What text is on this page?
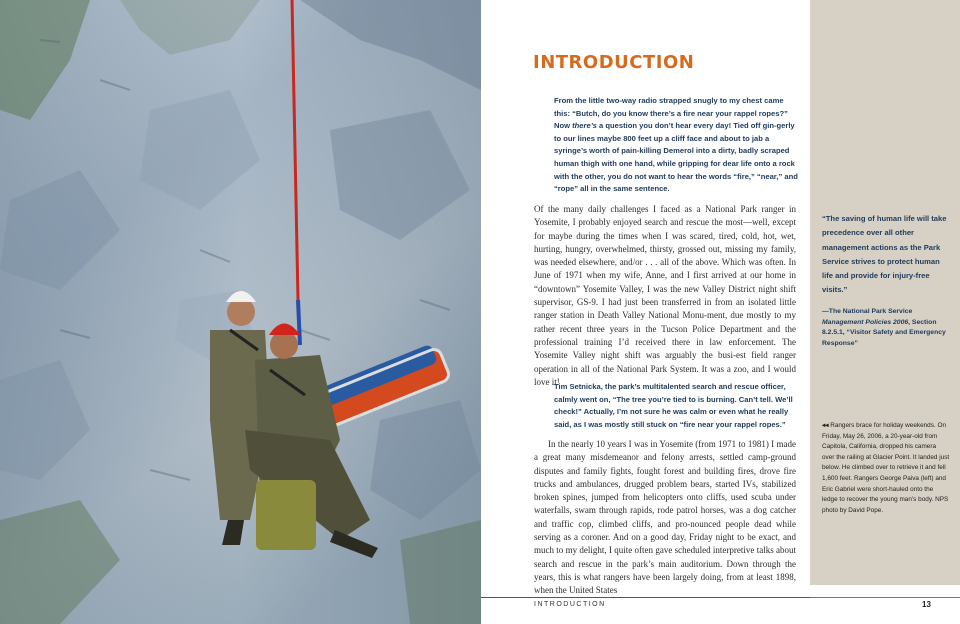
INTRODUCTION

From the little two-way radio strapped snugly to my chest came this: “Butch, do you know there’s a fire near your rappel ropes?” Now there’s a question you don’t hear every day! Tied off gin-gerly to our lines maybe 800 feet up a cliff face and about to jab a syringe’s worth of pain-killing Demerol into a dirty, badly scraped human thigh with one hand, while gripping for dear life onto a rock with the other, you do not want to hear the words “fire,” “near,” and “rope” all in the same sentence.

Of the many daily challenges I faced as a National Park ranger in Yosemite, I probably enjoyed search and rescue the most—well, except for maybe during the times when I was scared, tired, cold, hot, wet, hurting, hungry, overwhelmed, thirsty, grossed out, missing my family, was needed elsewhere, and/or . . . all of the above. Which was often. In June of 1971 when my wife, Anne, and I first arrived at our home in “downtown” Yosemite Valley, I was the new Valley District night shift supervisor, GS-9. I had just been transferred in from an isolated little ranger station in Death Valley National Monu-ment, due mostly to my rather recent three years in the Tucson Police Department and the professional training I’d received there in law enforcement. The Yosemite Valley night shift was arguably the busi-est field ranger operation in all of the National Park System. It was a zoo, and I would love it!

Tim Setnicka, the park’s multitalented search and rescue officer, calmly went on, “The tree you’re tied to is burning. Can’t tell. We’ll check!” Actually, I’m not sure he was calm or even what he really said, as I was mostly still stuck on “fire near your rappel ropes.”

In the nearly 10 years I was in Yosemite (from 1971 to 1981) I made a great many misdemeanor and felony arrests, settled camp-ground disputes and family fights, fought forest and building fires, drove fire trucks and ambulances, drugged problem bears, started IVs, stabilized broken spines, jumped from helicopters onto cliffs, used scuba under waterfalls, swam through rapids, rode patrol horses, was a dog catcher and traffic cop, climbed cliffs, and pro-nounced people dead while serving as a coroner. And on a good day, Friday night to be exact, and much to my delight, I quite often gave scheduled interpretive talks about search and rescue in the park’s main auditorium. Down through the years, this is what rangers have been largely doing, from at least 1898, when the United States

“The saving of human life will take precedence over all other management actions as the Park Service strives to protect human life and provide for injury-free visits.”

—The National Park Service Management Policies 2006, Section 8.2.5.1, “Visitor Safety and Emergency Response”

◂◂ Rangers brace for holiday weekends. On Friday, May 26, 2006, a 20-year-old from Capitola, California, dropped his camera over the railing at Glacier Point. It landed just below. He climbed over to retrieve it and fell 1,600 feet. Rangers George Paiva (left) and Eric Gabriel were short-hauled onto the ledge to recover the young man’s body. NPS photo by David Pope.

INTRODUCTION	13
